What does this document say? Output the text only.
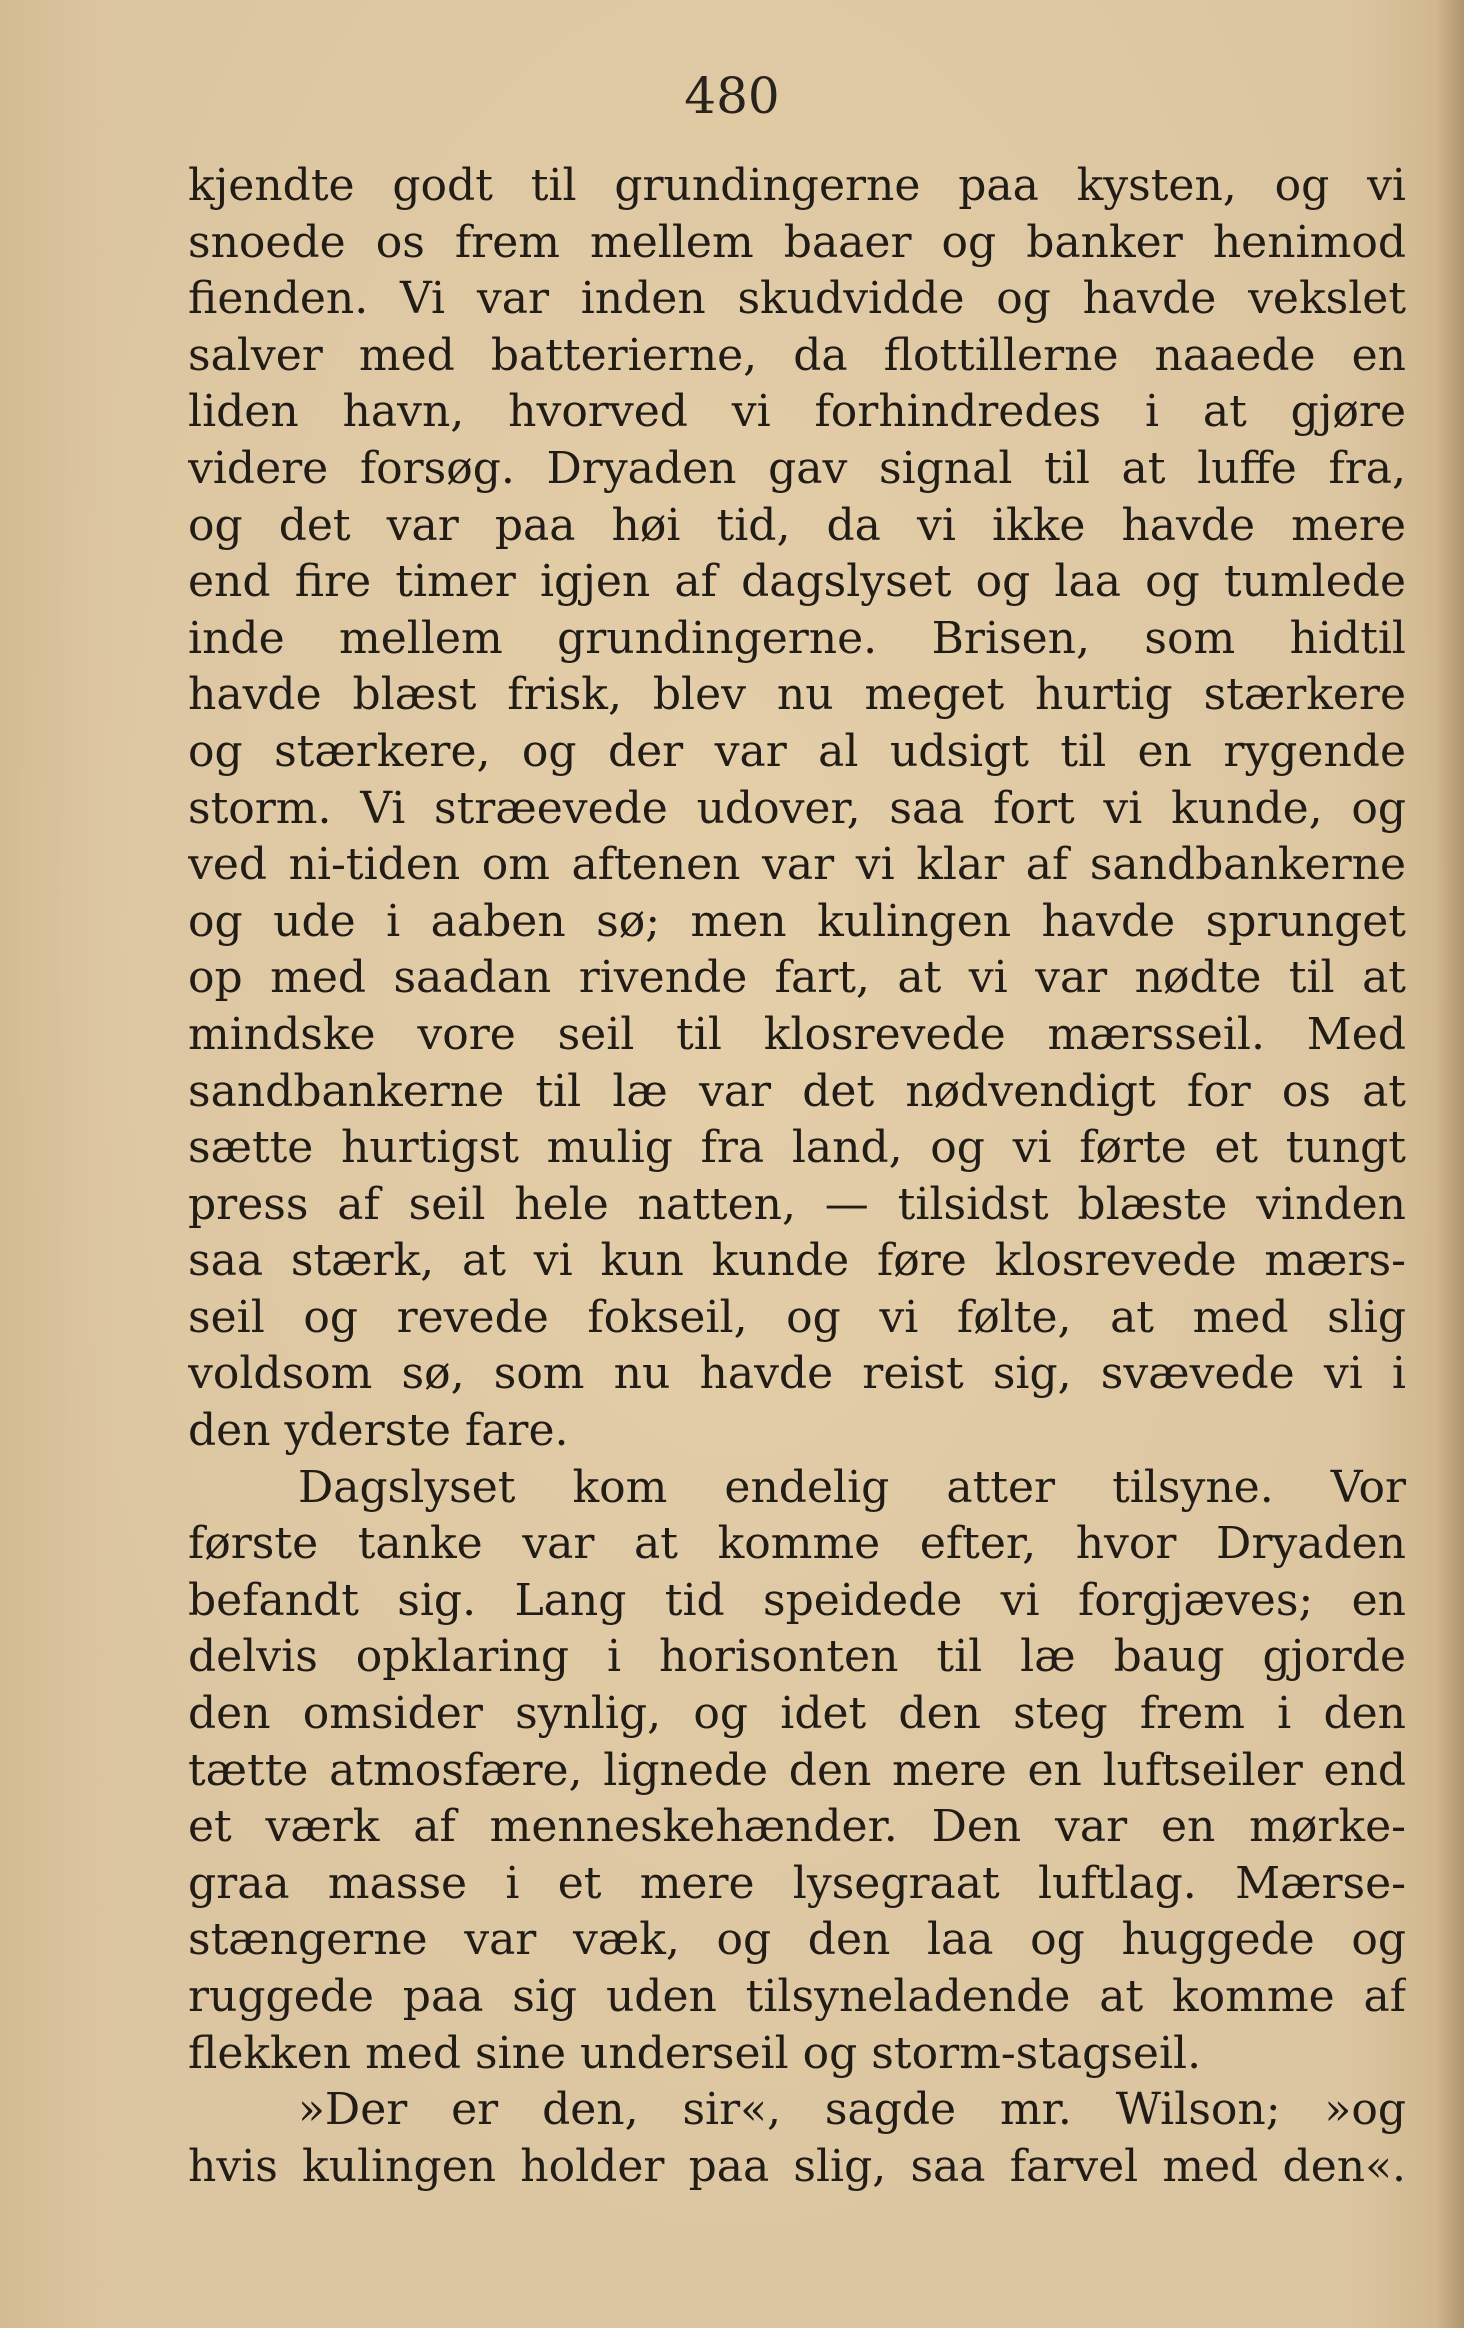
480
kjendte godt til grundingerne paa kysten, og vi
snoede os frem mellem baaer og banker henimod
fienden. Vi var inden skudvidde og havde vekslet
salver med batterierne, da flottillerne naaede en
liden havn, hvorved vi forhindredes i at gjøre
videre forsøg. Dryaden gav signal til at luffe fra,
og det var paa høi tid, da vi ikke havde mere
end fire timer igjen af dagslyset og laa og tumlede
inde mellem grundingerne. Brisen, som hidtil
havde blæst frisk, blev nu meget hurtig stærkere
og stærkere, og der var al udsigt til en rygende
storm. Vi stræevede udover, saa fort vi kunde, og
ved ni-tiden om aftenen var vi klar af sandbankerne
og ude i aaben sø; men kulingen havde sprunget
op med saadan rivende fart, at vi var nødte til at
mindske vore seil til klosrevede mærsseil. Med
sandbankerne til læ var det nødvendigt for os at
sætte hurtigst mulig fra land, og vi førte et tungt
press af seil hele natten, — tilsidst blæste vinden
saa stærk, at vi kun kunde føre klosrevede mærs-
seil og revede fokseil, og vi følte, at med slig
voldsom sø, som nu havde reist sig, svævede vi i
den yderste fare.
Dagslyset kom endelig atter tilsyne. Vor
første tanke var at komme efter, hvor Dryaden
befandt sig. Lang tid speidede vi forgjæves; en
delvis opklaring i horisonten til læ baug gjorde
den omsider synlig, og idet den steg frem i den
tætte atmosfære, lignede den mere en luftseiler end
et værk af menneskehænder. Den var en mørke-
graa masse i et mere lysegraat luftlag. Mærse-
stængerne var væk, og den laa og huggede og
ruggede paa sig uden tilsyneladende at komme af
flekken med sine underseil og storm-stagseil.
»Der er den, sir«, sagde mr. Wilson; »og
hvis kulingen holder paa slig, saa farvel med den«.
